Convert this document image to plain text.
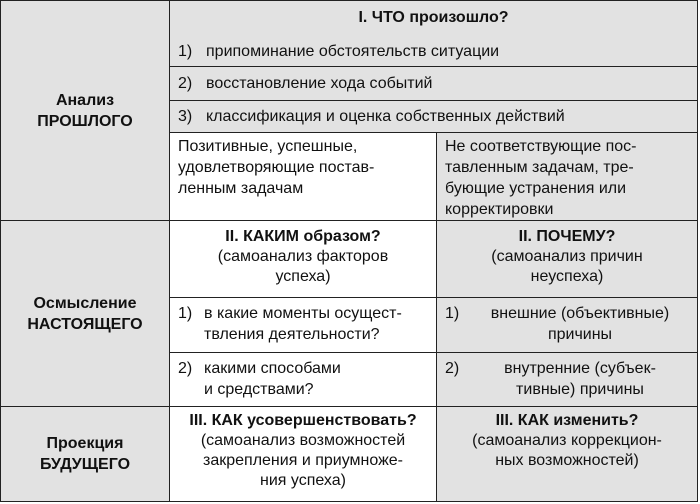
Анализ
ПРОШЛОГО
Осмысление
НАСТОЯЩЕГО
Проекция
БУДУЩЕГО
I. ЧТО произошло?
1) припоминание обстоятельств ситуации
2) восстановление хода событий
3) классификация и оценка собственных действий
Позитивные, успешные,
удовлетворяющие постав-
ленным задачам
Не соответствующие пос-
тавленным задачам, тре-
бующие устранения или
корректировки
II. КАКИМ образом?
(самоанализ факторов
успеха)
II. ПОЧЕМУ?
(самоанализ причин
неуспеха)
1) в какие моменты осущест-
твления деятельности?
1)	внешние (объективные)
причины
2) какими способами
и средствами?
2)	внутренние (субъек-
тивные) причины
III. КАК усовершенствовать?
(самоанализ возможностей
закрепления и приумноже-
ния успеха)
III. КАК изменить?
(самоанализ коррекцион-
ных возможностей)
